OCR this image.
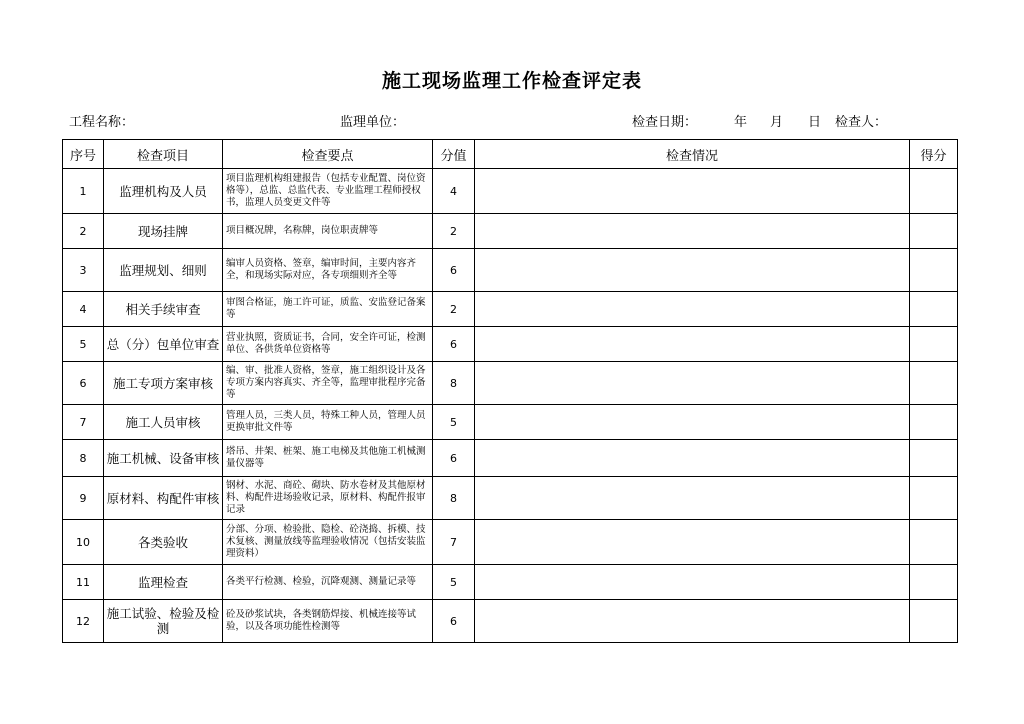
施工现场监理工作检查评定表
工程名称：	监理单位：	检查日期：	年 月 日 检查人：
序号	检查项目	检查要点	分值	检查情况	得分
1	监理机构及人员	项目监理机构组建报告（包括专业配置、岗位资格等），总监、总监代表、专业监理工程师授权书，监理人员变更文件等	4		
2	现场挂牌	项目概况牌，名称牌，岗位职责牌等	2		
3	监理规划、细则	编审人员资格、签章，编审时间，主要内容齐全，和现场实际对应，各专项细则齐全等	6		
4	相关手续审查	审图合格证，施工许可证，质监、安监登记备案等	2		
5	总（分）包单位审查	营业执照，资质证书，合同，安全许可证，检测单位、各供货单位资格等	6		
6	施工专项方案审核	编、审、批准人资格，签章，施工组织设计及各专项方案内容真实、齐全等，监理审批程序完备等	8		
7	施工人员审核	管理人员，三类人员，特殊工种人员，管理人员更换审批文件等	5		
8	施工机械、设备审核	塔吊、井架、桩架、施工电梯及其他施工机械测量仪器等	6		
9	原材料、构配件审核	钢材、水泥、商砼、砌块、防水卷材及其他原材料、构配件进场验收记录，原材料、构配件报审记录	8		
10	各类验收	分部、分项、检验批、隐检、砼浇捣、拆模、技术复核、测量放线等监理验收情况（包括安装监理资料）	7		
11	监理检查	各类平行检测、检验，沉降观测、测量记录等	5		
12	施工试验、检验及检测	砼及砂浆试块，各类钢筋焊接、机械连接等试验，以及各项功能性检测等	6		
